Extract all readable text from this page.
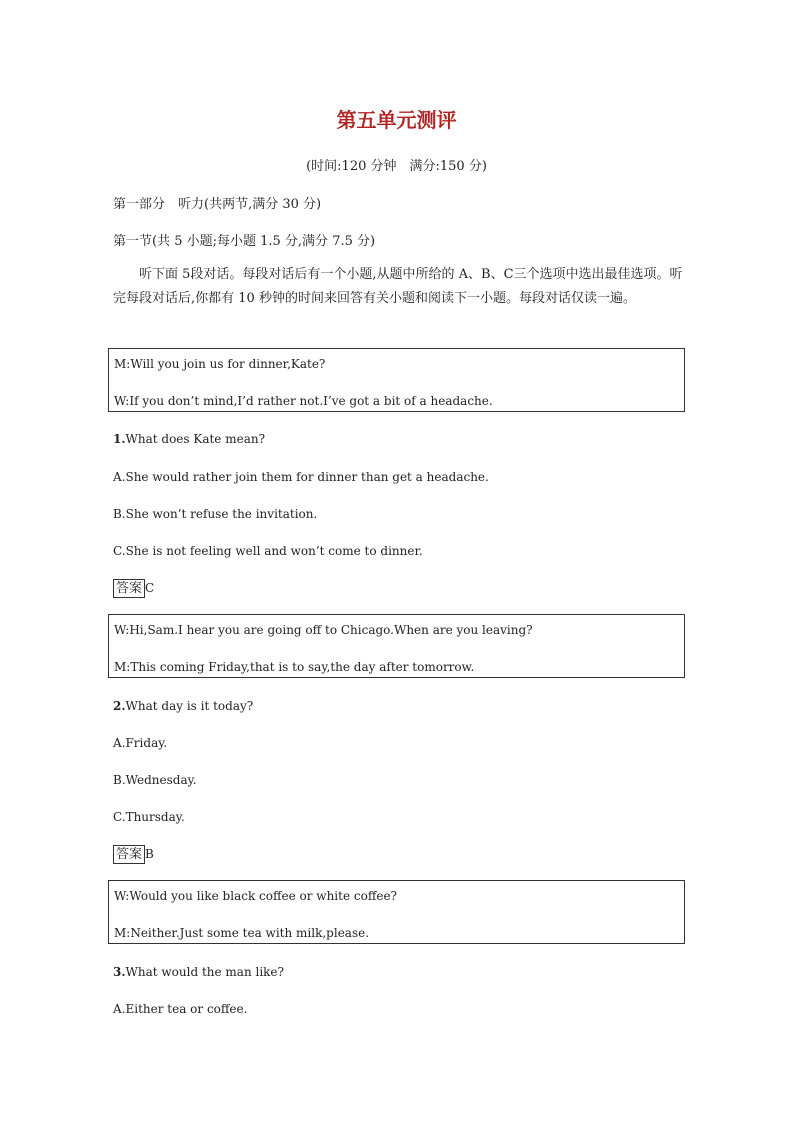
第五单元测评
(时间:120 分钟　满分:150 分)
第一部分　听力(共两节,满分 30 分)
第一节(共 5 小题;每小题 1.5 分,满分 7.5 分)
听下面 5段对话。每段对话后有一个小题,从题中所给的 A、B、C三个选项中选出最佳选项。听完每段对话后,你都有 10 秒钟的时间来回答有关小题和阅读下一小题。每段对话仅读一遍。
M:Will you join us for dinner,Kate?
W:If you don’t mind,I’d rather not.I’ve got a bit of a headache.
1.What does Kate mean?
A.She would rather join them for dinner than get a headache.
B.She won’t refuse the invitation.
C.She is not feeling well and won’t come to dinner.
答案 C
W:Hi,Sam.I hear you are going off to Chicago.When are you leaving?
M:This coming Friday,that is to say,the day after tomorrow.
2.What day is it today?
A.Friday.
B.Wednesday.
C.Thursday.
答案 B
W:Would you like black coffee or white coffee?
M:Neither.Just some tea with milk,please.
3.What would the man like?
A.Either tea or coffee.
